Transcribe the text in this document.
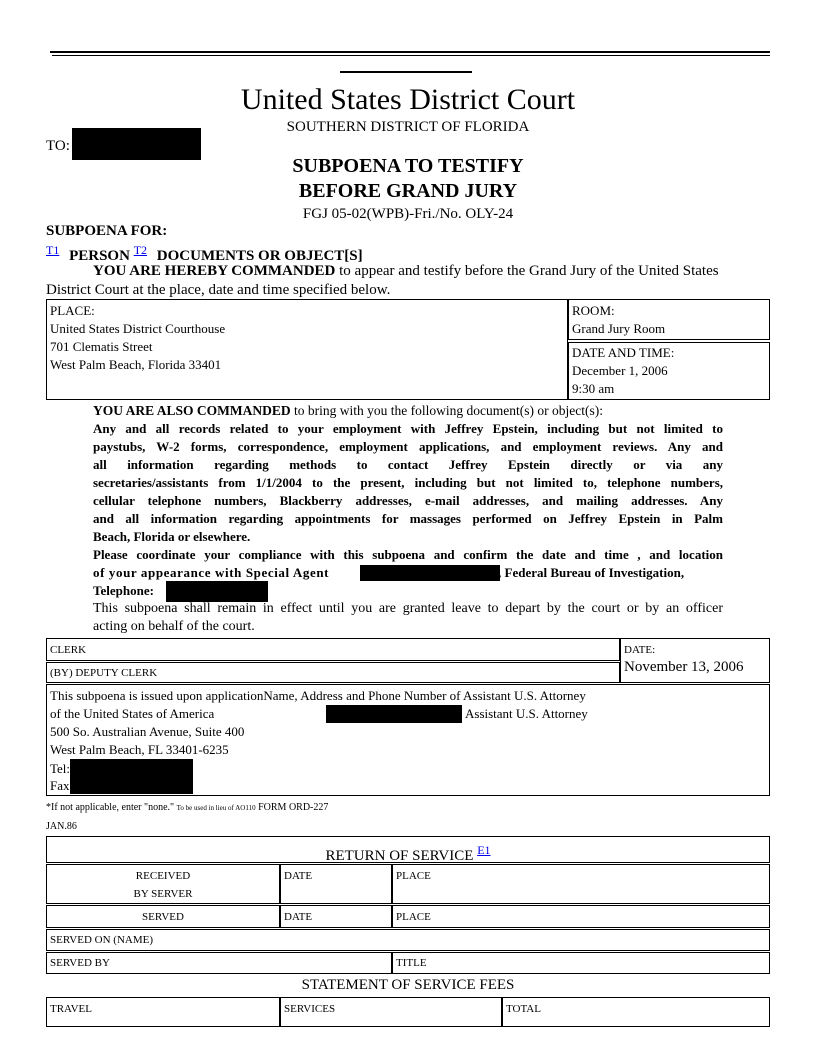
United States District Court
SOUTHERN DISTRICT OF FLORIDA
TO:
SUBPOENA TO TESTIFY
BEFORE GRAND JURY
FGJ 05-02(WPB)-Fri./No. OLY-24
SUBPOENA FOR:
$^{T1}$ PERSON $^{T2}$ DOCUMENTS OR OBJECT[S]
YOU ARE HEREBY COMMANDED to appear and testify before the Grand Jury of the United States
District Court at the place, date and time specified below.
PLACE:
United States District Courthouse
701 Clematis Street
West Palm Beach, Florida 33401
ROOM:
Grand Jury Room
DATE AND TIME:
December 1, 2006
9:30 am
YOU ARE ALSO COMMANDED to bring with you the following document(s) or object(s):
Any and all records related to your employment with Jeffrey Epstein, including but not limited to
paystubs, W-2 forms, correspondence, employment applications, and employment reviews. Any and
all information regarding methods to contact Jeffrey Epstein directly or via any
secretaries/assistants from 1/1/2004 to the present, including but not limited to, telephone numbers,
cellular telephone numbers, Blackberry addresses, e-mail addresses, and mailing addresses. Any
and all information regarding appointments for massages performed on Jeffrey Epstein in Palm
Beach, Florida or elsewhere.
Please coordinate your compliance with this subpoena and confirm the date and time , and location
of your appearance with Special Agent	, Federal Bureau of Investigation,
Telephone:
This subpoena shall remain in effect until you are granted leave to depart by the court or by an officer
acting on behalf of the court.
CLERK
(BY) DEPUTY CLERK
DATE:
November 13, 2006
This subpoena is issued upon applicationName, Address and Phone Number of Assistant U.S. Attorney
of the United States of America	Assistant U.S. Attorney
500 So. Australian Avenue, Suite 400
West Palm Beach, FL 33401-6235
Tel:
Fax
*If not applicable, enter "none." To be used in lieu of AO110 FORM ORD-227
JAN.86
RETURN OF SERVICE $^{E1}$
RECEIVED
BY SERVER
DATE	PLACE
SERVED	DATE	PLACE
SERVED ON (NAME)
SERVED BY	TITLE
STATEMENT OF SERVICE FEES
TRAVEL	SERVICES	TOTAL
